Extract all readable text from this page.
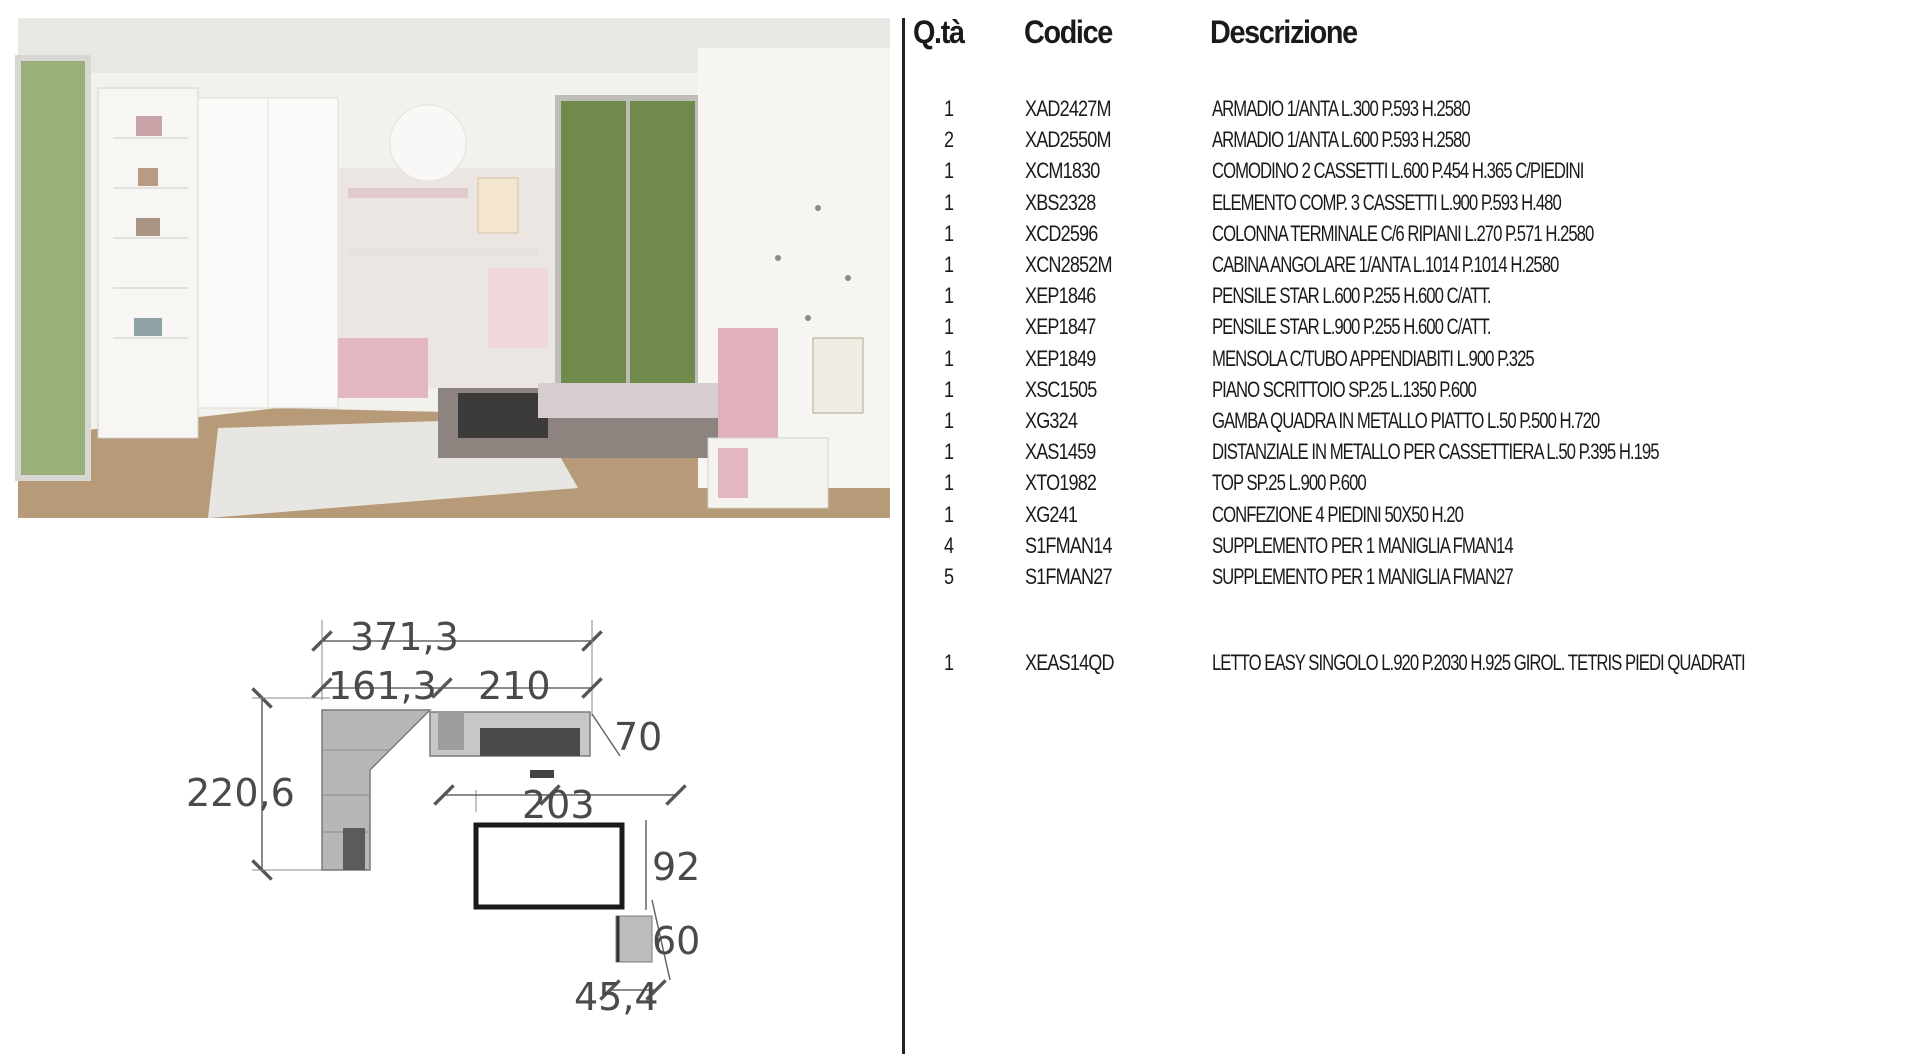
371,3
161,3 210
70
220,6	203
92
60
45,4
Q.tà Codice	Descrizione
1	XAD2427M	ARMADIO 1/ANTA L.300 P.593 H.2580
2	XAD2550M	ARMADIO 1/ANTA L.600 P.593 H.2580
1	XCM1830	COMODINO 2 CASSETTI L.600 P.454 H.365 C/PIEDINI
1	XBS2328	ELEMENTO COMP. 3 CASSETTI L.900 P.593 H.480
1	XCD2596	COLONNA TERMINALE C/6 RIPIANI L.270 P.571 H.2580
1	XCN2852M	CABINA ANGOLARE 1/ANTA L.1014 P.1014 H.2580
1	XEP1846	PENSILE STAR L.600 P.255 H.600 C/ATT.
1	XEP1847	PENSILE STAR L.900 P.255 H.600 C/ATT.
1	XEP1849	MENSOLA C/TUBO APPENDIABITI L.900 P.325
1	XSC1505	PIANO SCRITTOIO SP.25 L.1350 P.600
1	XG324	GAMBA QUADRA IN METALLO PIATTO L.50 P.500 H.720
1	XAS1459	DISTANZIALE IN METALLO PER CASSETTIERA L.50 P.395 H.195
1	XTO1982	TOP SP.25 L.900 P.600
1	XG241	CONFEZIONE 4 PIEDINI 50X50 H.20
4	S1FMAN14	SUPPLEMENTO PER 1 MANIGLIA FMAN14
5	S1FMAN27	SUPPLEMENTO PER 1 MANIGLIA FMAN27
1	XEAS14QD	LETTO EASY SINGOLO L.920 P.2030 H.925 GIROL. TETRIS PIEDI QUADRATI
